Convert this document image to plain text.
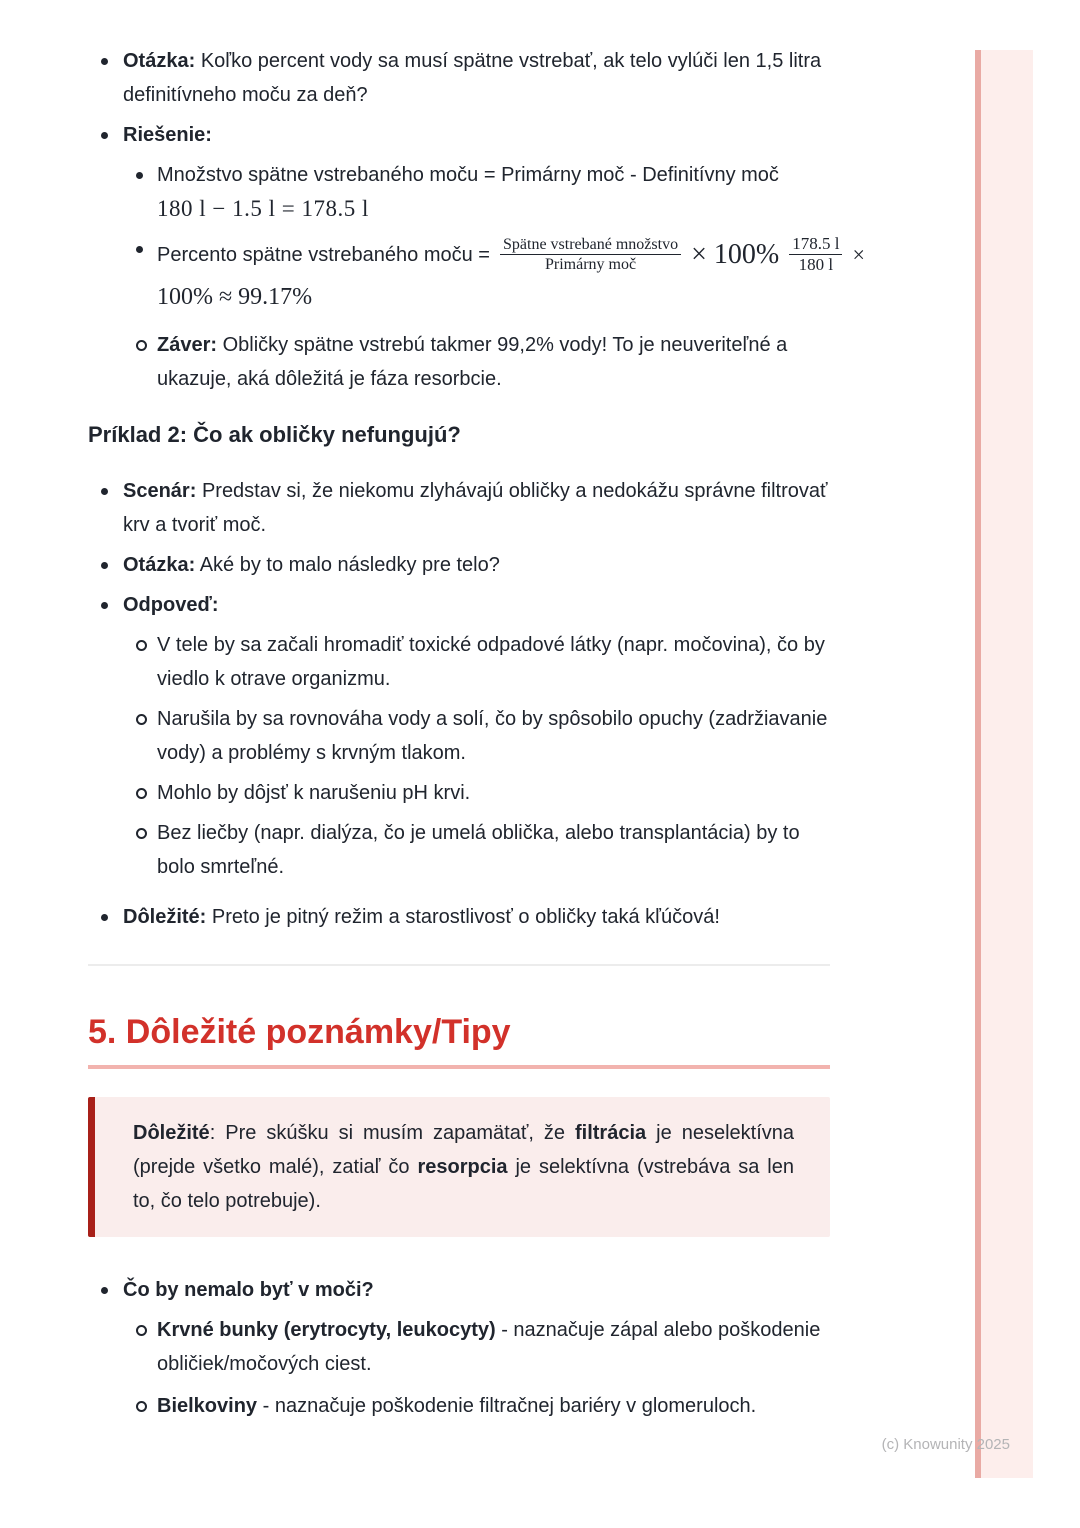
(c) Knowunity 2025
Otázka: Koľko percent vody sa musí spätne vstrebať, ak telo vylúči len 1,5 litra definitívneho moču za deň?
Riešenie:
Množstvo spätne vstrebaného moču = Primárny moč - Definitívny moč
180 l − 1.5 l = 178.5 l
Percento spätne vstrebaného moču = $\frac{\text{Spätne vstrebané množstvo}}{\text{Primárny moč}} \times 100\% \frac{178.5 l}{180 l}$ ×
100% ≈ 99.17%
Záver: Obličky spätne vstrebú takmer 99,2% vody! To je neuveriteľné a ukazuje, aká dôležitá je fáza resorbcie.
Príklad 2: Čo ak obličky nefungujú?
Scenár: Predstav si, že niekomu zlyhávajú obličky a nedokážu správne filtrovať krv a tvoriť moč.
Otázka: Aké by to malo následky pre telo?
Odpoveď:
V tele by sa začali hromadiť toxické odpadové látky (napr. močovina), čo by viedlo k otrave organizmu.
Narušila by sa rovnováha vody a solí, čo by spôsobilo opuchy (zadržiavanie vody) a problémy s krvným tlakom.
Mohlo by dôjsť k narušeniu pH krvi.
Bez liečby (napr. dialýza, čo je umelá oblička, alebo transplantácia) by to bolo smrteľné.
Dôležité: Preto je pitný režim a starostlivosť o obličky taká kľúčová!
5. Dôležité poznámky/Tipy
Dôležité: Pre skúšku si musím zapamätať, že filtrácia je neselektívna (prejde všetko malé), zatiaľ čo resorpcia je selektívna (vstrebáva sa len to, čo telo potrebuje).
Čo by nemalo byť v moči?
Krvné bunky (erytrocyty, leukocyty) - naznačuje zápal alebo poškodenie obličiek/močových ciest.
Bielkoviny - naznačuje poškodenie filtračnej bariéry v glomeruloch.
